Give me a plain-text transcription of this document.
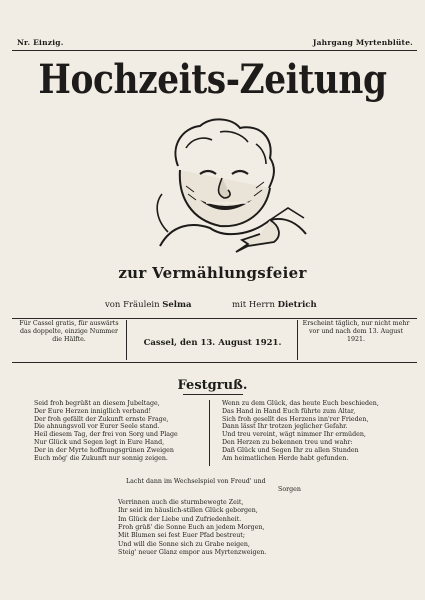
Nr. Einzig.	Jahrgang Myrtenblüte.
Hochzeits-Zeitung
zur Vermählungsfeier
von Fräulein Selma	mit Herrn Dietrich
Für Cassel gratis, für auswärts
das doppelte, einzige Nummer
die Hälfte.	Cassel, den 13. August 1921.
Erscheint täglich, nur nicht mehr
vor und nach dem 13. August
1921.
Festgruß.
Seid froh begrüßt an diesem Jubeltage,
Der Eure Herzen innigllich verband!
Der froh gefällt der Zukunft ernste Frage,
Die ahnungsvoll vor Eurer Seele stand.
Heil diesem Tag, der frei von Sorg und Plage
Nur Glück und Segen legt in Eure Hand,
Der in der Myrte hoffnungsgrünen Zweigen
Euch mög' die Zukunft nur sonnig zeigen.
Wenn zu dem Glück, das heute Euch beschieden,
Das Hand in Hand Euch führte zum Altar,
Sich froh gesellt des Herzens inn'rer Frieden,
Dann lässt Ihr trotzen jeglicher Gefahr.
Und treu vereint, wägt nimmer Ihr ermüden,
Den Herzen zu bekennen treu und wahr:
Daß Glück und Segen Ihr zu allen Stunden
Am heimatlichen Herde habt gefunden.
Lacht dann im Wechselspiel von Freud' und
Sorgen
Verrinnen auch die sturmbewegte Zeit,
Ihr seid im häuslich-stillen Glück geborgen,
Im Glück der Liebe und Zufriedenheit.
Froh grüß' die Sonne Euch an jedem Morgen,
Mit Blumen sei fest Euer Pfad bestreut;
Und will die Sonne sich zu Grabe neigen,
Steig' neuer Glanz empor aus Myrtenzweigen.
